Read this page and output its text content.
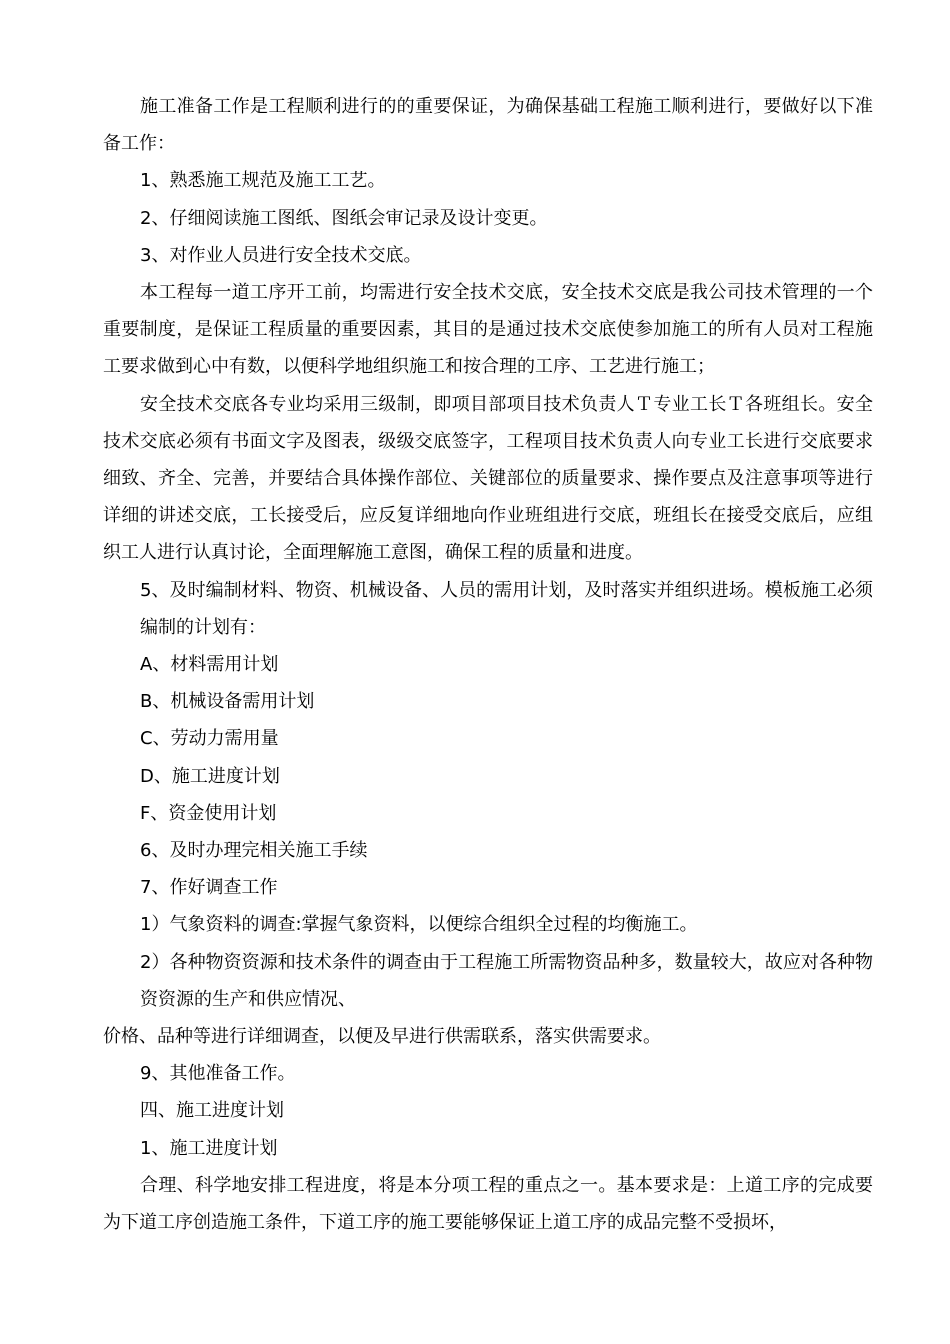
施工准备工作是工程顺利进行的的重要保证，为确保基础工程施工顺利进行，要做好以下准备工作：

1、熟悉施工规范及施工工艺。

2、仔细阅读施工图纸、图纸会审记录及设计变更。

3、对作业人员进行安全技术交底。

本工程每一道工序开工前，均需进行安全技术交底，安全技术交底是我公司技术管理的一个重要制度，是保证工程质量的重要因素，其目的是通过技术交底使参加施工的所有人员对工程施工要求做到心中有数，以便科学地组织施工和按合理的工序、工艺进行施工；

安全技术交底各专业均采用三级制，即项目部项目技术负责人Ｔ专业工长Ｔ各班组长。安全技术交底必须有书面文字及图表，级级交底签字，工程项目技术负责人向专业工长进行交底要求细致、齐全、完善，并要结合具体操作部位、关键部位的质量要求、操作要点及注意事项等进行详细的讲述交底，工长接受后，应反复详细地向作业班组进行交底，班组长在接受交底后，应组织工人进行认真讨论，全面理解施工意图，确保工程的质量和进度。

5、及时编制材料、物资、机械设备、人员的需用计划，及时落实并组织进场。模板施工必须编制的计划有：

A、材料需用计划

B、机械设备需用计划

C、劳动力需用量

D、施工进度计划

F、资金使用计划

6、及时办理完相关施工手续

7、作好调查工作

1）气象资料的调查:掌握气象资料，以便综合组织全过程的均衡施工。

2）各种物资资源和技术条件的调查由于工程施工所需物资品种多，数量较大，故应对各种物资资源的生产和供应情况、

价格、品种等进行详细调查，以便及早进行供需联系，落实供需要求。

9、其他准备工作。

四、施工进度计划

1、施工进度计划

合理、科学地安排工程进度，将是本分项工程的重点之一。基本要求是：上道工序的完成要为下道工序创造施工条件，下道工序的施工要能够保证上道工序的成品完整不受损坏，
